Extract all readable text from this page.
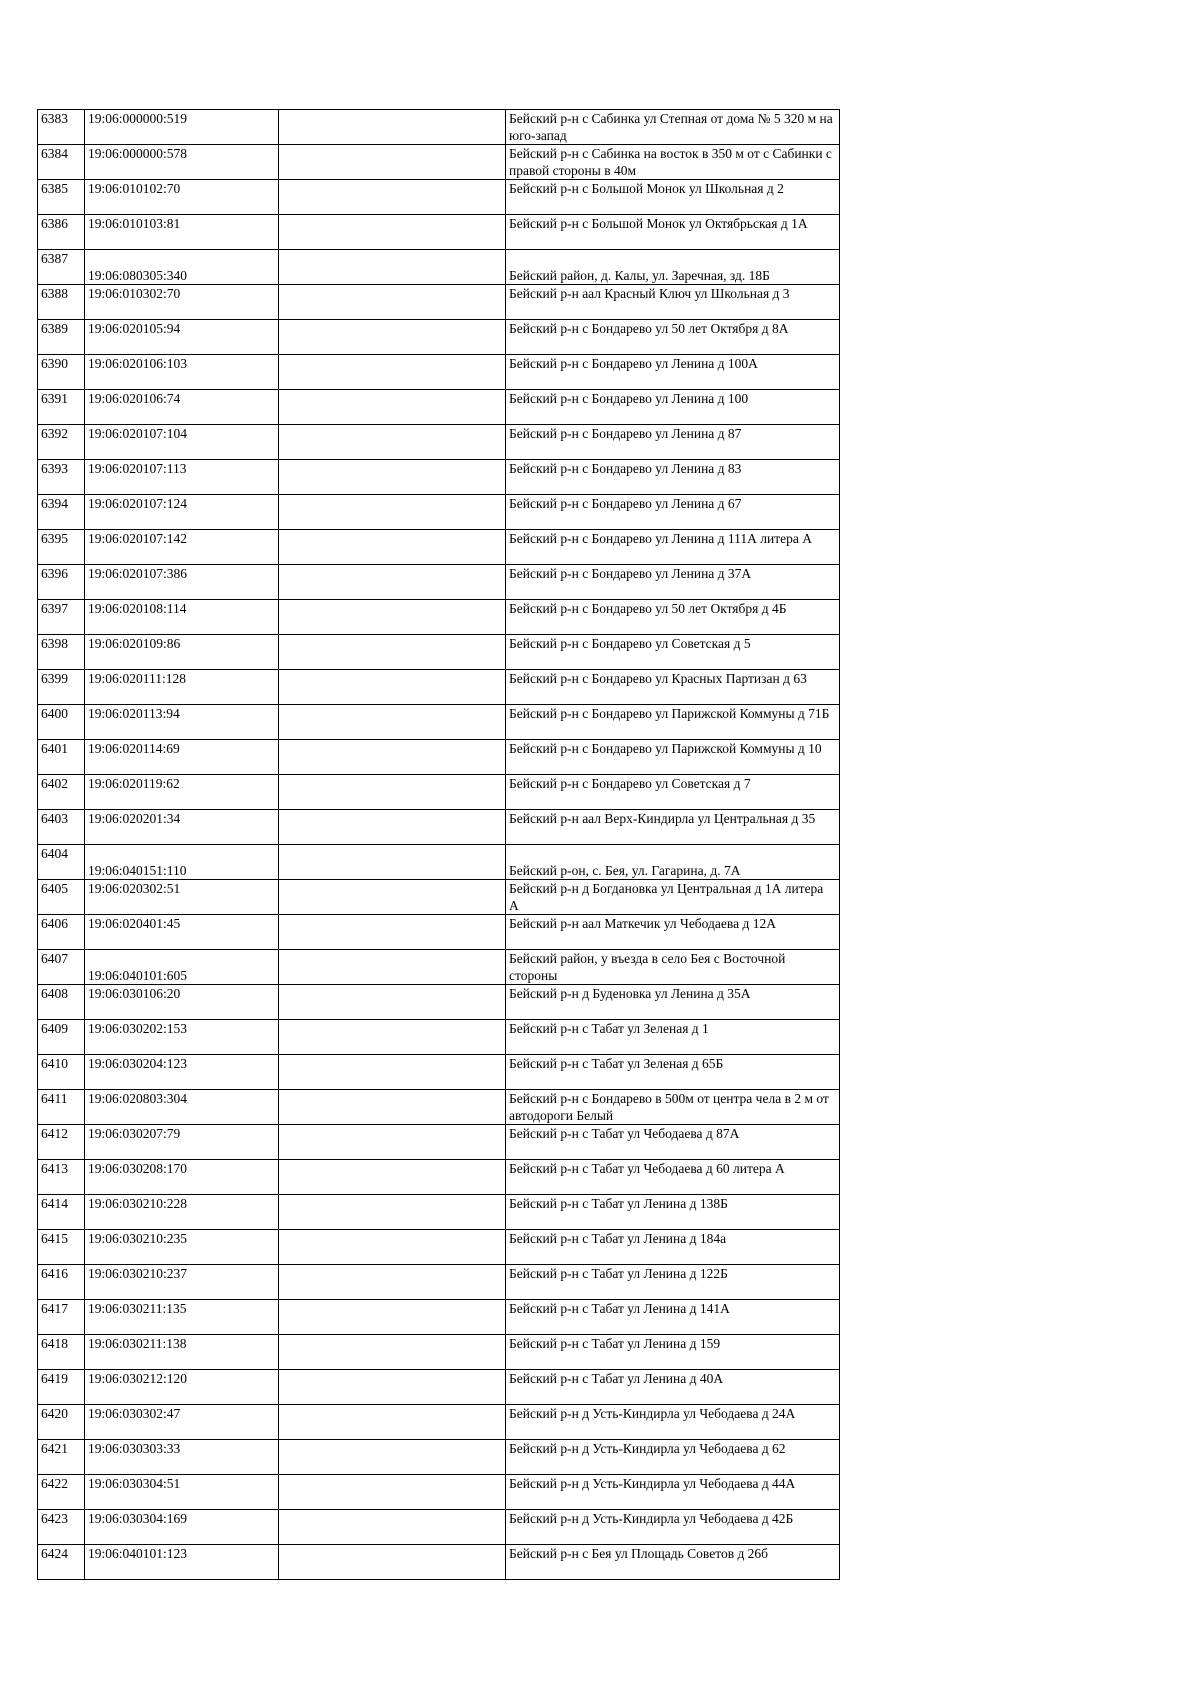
6383	19:06:000000:519		Бейский р-н с Сабинка ул Степная от дома № 5 320 м на юго-запад
6384	19:06:000000:578		Бейский р-н с Сабинка на восток в 350 м от с Сабинки с правой стороны в 40м
6385	19:06:010102:70		Бейский р-н с Большой Монок ул Школьная д 2
6386	19:06:010103:81		Бейский р-н с Большой Монок ул Октябрьская д 1А
6387	19:06:080305:340		Бейский район, д. Калы, ул. Заречная, зд. 18Б
6388	19:06:010302:70		Бейский р-н аал Красный Ключ ул Школьная д 3
6389	19:06:020105:94		Бейский р-н с Бондарево ул 50 лет Октября д 8А
6390	19:06:020106:103		Бейский р-н с Бондарево ул Ленина д 100А
6391	19:06:020106:74		Бейский р-н с Бондарево ул Ленина д 100
6392	19:06:020107:104		Бейский р-н с Бондарево ул Ленина д 87
6393	19:06:020107:113		Бейский р-н с Бондарево ул Ленина д 83
6394	19:06:020107:124		Бейский р-н с Бондарево ул Ленина д 67
6395	19:06:020107:142		Бейский р-н с Бондарево ул Ленина д 111А литера А
6396	19:06:020107:386		Бейский р-н с Бондарево ул Ленина д 37А
6397	19:06:020108:114		Бейский р-н с Бондарево ул 50 лет Октября д 4Б
6398	19:06:020109:86		Бейский р-н с Бондарево ул Советская д 5
6399	19:06:020111:128		Бейский р-н с Бондарево ул Красных Партизан д 63
6400	19:06:020113:94		Бейский р-н с Бондарево ул Парижской Коммуны д 71Б
6401	19:06:020114:69		Бейский р-н с Бондарево ул Парижской Коммуны д 10
6402	19:06:020119:62		Бейский р-н с Бондарево ул Советская д 7
6403	19:06:020201:34		Бейский р-н аал Верх-Киндирла ул Центральная д 35
6404	19:06:040151:110		Бейский р-он, с. Бея, ул. Гагарина, д. 7А
6405	19:06:020302:51		Бейский р-н д Богдановка ул Центральная д 1А литера А
6406	19:06:020401:45		Бейский р-н аал Маткечик ул Чебодаева д 12А
6407	19:06:040101:605		Бейский район, у въезда в село Бея с Восточной стороны
6408	19:06:030106:20		Бейский р-н д Буденовка ул Ленина д 35А
6409	19:06:030202:153		Бейский р-н с Табат ул Зеленая д 1
6410	19:06:030204:123		Бейский р-н с Табат ул Зеленая д 65Б
6411	19:06:020803:304		Бейский р-н с Бондарево в 500м от центра чела в 2 м от автодороги Белый
6412	19:06:030207:79		Бейский р-н с Табат ул Чебодаева д 87А
6413	19:06:030208:170		Бейский р-н с Табат ул Чебодаева д 60 литера А
6414	19:06:030210:228		Бейский р-н с Табат ул Ленина д 138Б
6415	19:06:030210:235		Бейский р-н с Табат ул Ленина д 184а
6416	19:06:030210:237		Бейский р-н с Табат ул Ленина д 122Б
6417	19:06:030211:135		Бейский р-н с Табат ул Ленина д 141А
6418	19:06:030211:138		Бейский р-н с Табат ул Ленина д 159
6419	19:06:030212:120		Бейский р-н с Табат ул Ленина д 40А
6420	19:06:030302:47		Бейский р-н д Усть-Киндирла ул Чебодаева д 24А
6421	19:06:030303:33		Бейский р-н д Усть-Киндирла ул Чебодаева д 62
6422	19:06:030304:51		Бейский р-н д Усть-Киндирла ул Чебодаева д 44А
6423	19:06:030304:169		Бейский р-н д Усть-Киндирла ул Чебодаева д 42Б
6424	19:06:040101:123		Бейский р-н с Бея ул Площадь Советов д 26б
